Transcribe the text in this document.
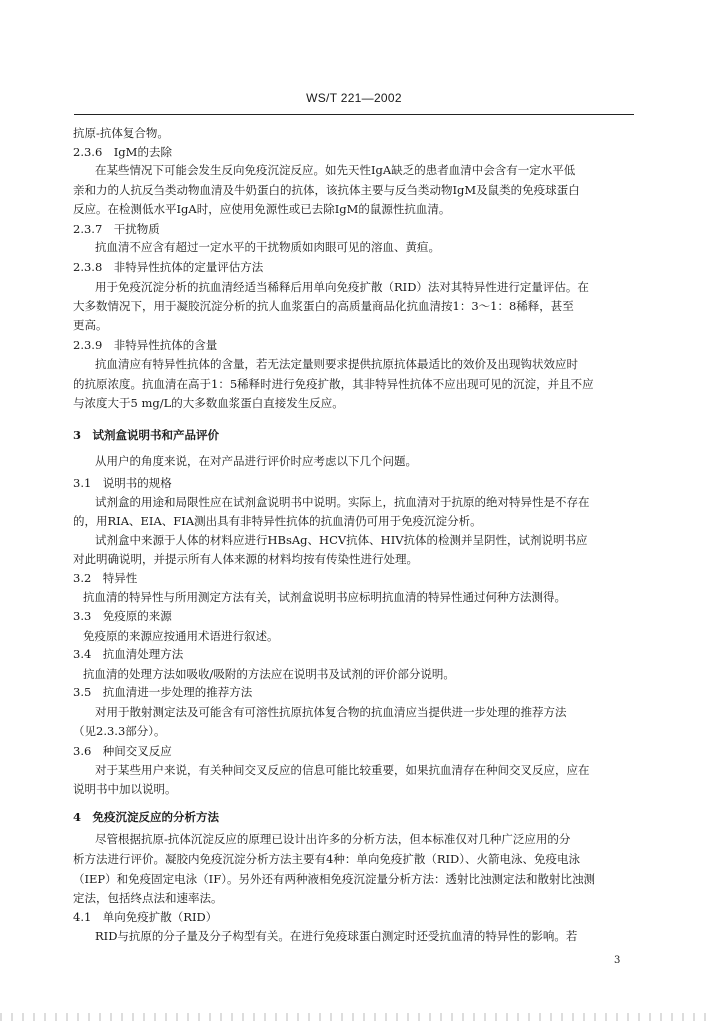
WS/T 221—2002
抗原-抗体复合物。
2.3.6　IgM的去除
在某些情况下可能会发生反向免疫沉淀反应。如先天性IgA缺乏的患者血清中会含有一定水平低
亲和力的人抗反刍类动物血清及牛奶蛋白的抗体，该抗体主要与反刍类动物IgM及鼠类的免疫球蛋白
反应。在检测低水平IgA时，应使用免源性或已去除IgM的鼠源性抗血清。
2.3.7　干扰物质
抗血清不应含有超过一定水平的干扰物质如肉眼可见的溶血、黄疸。
2.3.8　非特异性抗体的定量评估方法
用于免疫沉淀分析的抗血清经适当稀释后用单向免疫扩散（RID）法对其特异性进行定量评估。在
大多数情况下，用于凝胶沉淀分析的抗人血浆蛋白的高质量商品化抗血清按1：3～1：8稀释，甚至
更高。
2.3.9　非特异性抗体的含量
抗血清应有特异性抗体的含量，若无法定量则要求提供抗原抗体最适比的效价及出现钩状效应时
的抗原浓度。抗血清在高于1：5稀释时进行免疫扩散，其非特异性抗体不应出现可见的沉淀，并且不应
与浓度大于5 mg/L的大多数血浆蛋白直接发生反应。
3　试剂盒说明书和产品评价
从用户的角度来说，在对产品进行评价时应考虑以下几个问题。
3.1　说明书的规格
试剂盒的用途和局限性应在试剂盒说明书中说明。实际上，抗血清对于抗原的绝对特异性是不存在
的，用RIA、EIA、FIA测出具有非特异性抗体的抗血清仍可用于免疫沉淀分析。
试剂盒中来源于人体的材料应进行HBsAg、HCV抗体、HIV抗体的检测并呈阴性，试剂说明书应
对此明确说明，并提示所有人体来源的材料均按有传染性进行处理。
3.2　特异性
抗血清的特异性与所用测定方法有关，试剂盒说明书应标明抗血清的特异性通过何种方法测得。
3.3　免疫原的来源
免疫原的来源应按通用术语进行叙述。
3.4　抗血清处理方法
抗血清的处理方法如吸收/吸附的方法应在说明书及试剂的评价部分说明。
3.5　抗血清进一步处理的推荐方法
对用于散射测定法及可能含有可溶性抗原抗体复合物的抗血清应当提供进一步处理的推荐方法
（见2.3.3部分）。
3.6　种间交叉反应
对于某些用户来说，有关种间交叉反应的信息可能比较重要，如果抗血清存在种间交叉反应，应在
说明书中加以说明。
4　免疫沉淀反应的分析方法
尽管根据抗原-抗体沉淀反应的原理已设计出许多的分析方法，但本标准仅对几种广泛应用的分
析方法进行评价。凝胶内免疫沉淀分析方法主要有4种：单向免疫扩散（RID）、火箭电泳、免疫电泳
（IEP）和免疫固定电泳（IF）。另外还有两种液相免疫沉淀量分析方法：透射比浊测定法和散射比浊测
定法，包括终点法和速率法。
4.1　单向免疫扩散（RID）
RID与抗原的分子量及分子构型有关。在进行免疫球蛋白测定时还受抗血清的特异性的影响。若
3
